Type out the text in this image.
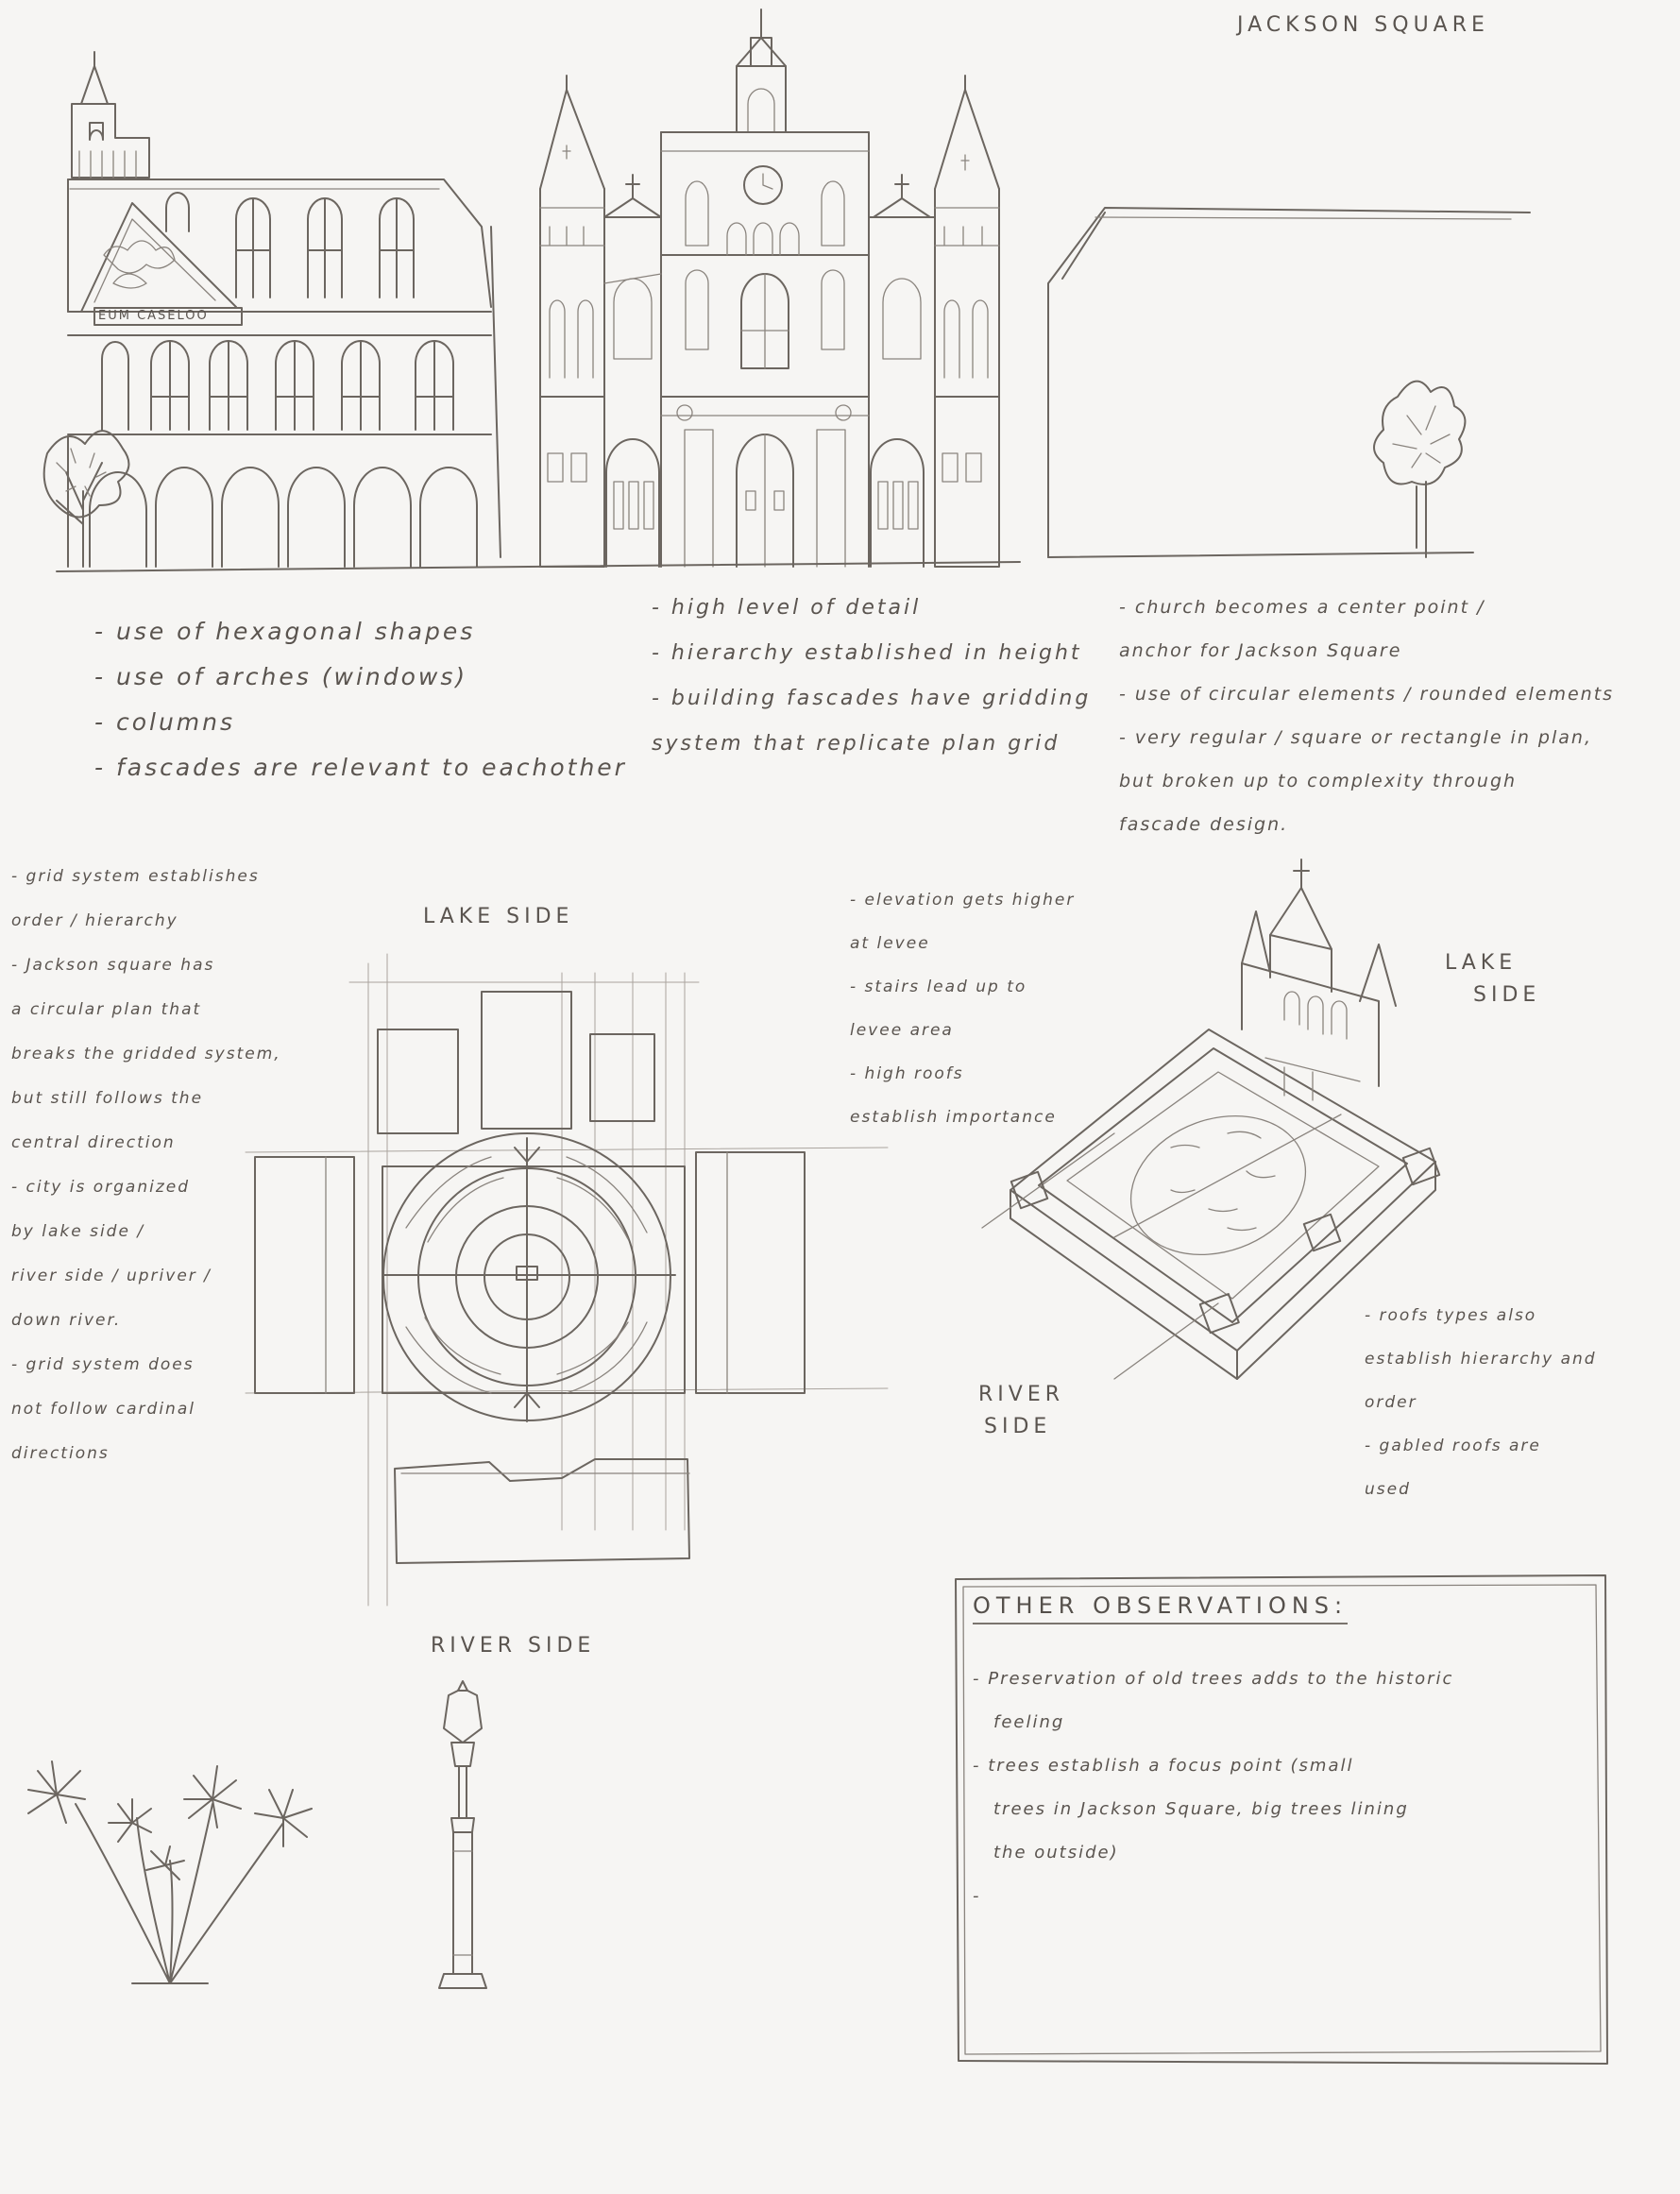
JACKSON SQUARE
EUM CASELOO
- use of hexagonal shapes
- use of arches (windows)
- columns
- fascades are relevant to eachother
- high level of detail
- hierarchy established in height
- building fascades have gridding
system that replicate plan grid
- church becomes a center point /
anchor for Jackson Square
- use of circular elements / rounded elements
- very regular / square or rectangle in plan,
but broken up to complexity through
fascade design.
LAKE SIDE
RIVER SIDE
- grid system establishes
order / hierarchy
- Jackson square has
a circular plan that
breaks the gridded system,
but still follows the
central direction
- city is organized
by lake side /
river side / upriver /
down river.
- grid system does
not follow cardinal
directions
- elevation gets higher
at levee
- stairs lead up to
levee area
- high roofs
establish importance
LAKE
SIDE
RIVER
SIDE
- roofs types also
establish hierarchy and
order
- gabled roofs are
used
OTHER OBSERVATIONS:
- Preservation of old trees adds to the historic
feeling
- trees establish a focus point (small
trees in Jackson Square, big trees lining
the outside)
-
